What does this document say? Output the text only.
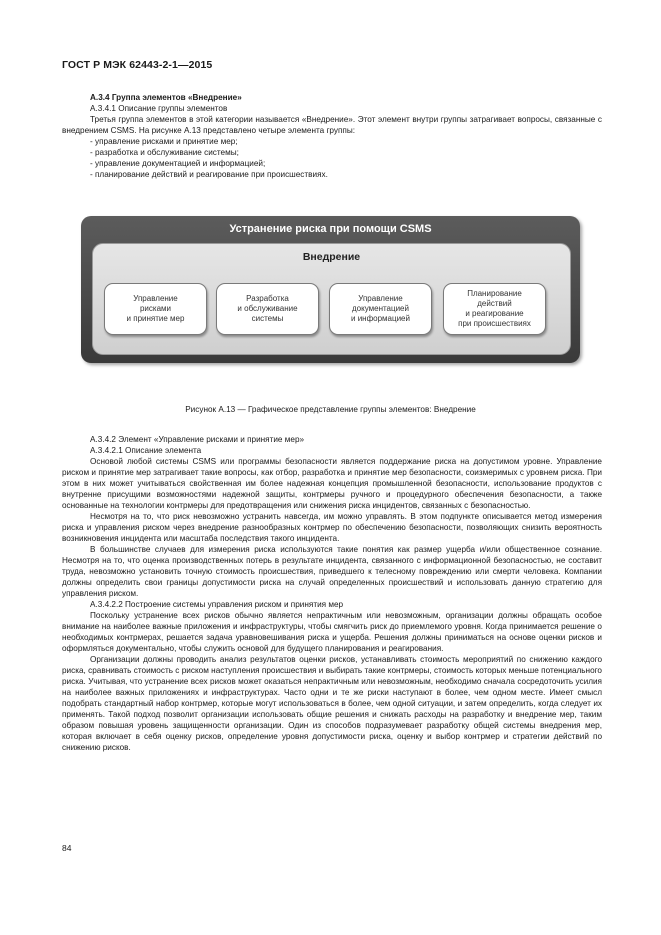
ГОСТ Р МЭК 62443-2-1—2015

А.3.4 Группа элементов «Внедрение»

А.3.4.1 Описание группы элементов

Третья группа элементов в этой категории называется «Внедрение». Этот элемент внутри группы затрагивает вопросы, связанные с внедрением CSMS. На рисунке А.13 представлено четыре элемента группы:

- управление рисками и принятие мер;
- разработка и обслуживание системы;
- управление документацией и информацией;
- планирование действий и реагирование при происшествиях.
Устранение риска при помощи CSMS
Внедрение
Управление
рисками
и принятие мер
Разработка
и обслуживание
системы
Управление
документацией
и информацией
Планирование
действий
и реагирование
при происшествиях
Рисунок А.13 — Графическое представление группы элементов: Внедрение

А.3.4.2 Элемент «Управление рисками и принятие мер»

А.3.4.2.1 Описание элемента

Основой любой системы CSMS или программы безопасности является поддержание риска на допустимом уровне. Управление риском и принятие мер затрагивает такие вопросы, как отбор, разработка и принятие мер безопасности, соизмеримых с уровнем риска. При этом в них может учитываться свойственная им более надежная концепция промышленной безопасности, использование продуктов с внутренне присущими возможностями надежной защиты, контрмеры ручного и процедурного обеспечения безопасности, а также основанные на технологии контрмеры для предотвращения или снижения риска инцидентов, связанных с безопасностью.

Несмотря на то, что риск невозможно устранить навсегда, им можно управлять. В этом подпункте описывается метод измерения риска и управления риском через внедрение разнообразных контрмер по обеспечению безопасности, позволяющих снизить вероятность возникновения инцидента или масштаба последствия такого инцидента.

В большинстве случаев для измерения риска используются такие понятия как размер ущерба и/или общественное сознание. Несмотря на то, что оценка производственных потерь в результате инцидента, связанного с информационной безопасностью, не составит труда, невозможно установить точную стоимость происшествия, приведшего к телесному повреждению или смерти человека. Компании должны определить свои границы допустимости риска на случай определенных происшествий и использовать данную стратегию для управления риском.

А.3.4.2.2 Построение системы управления риском и принятия мер

Поскольку устранение всех рисков обычно является непрактичным или невозможным, организации должны обращать особое внимание на наиболее важные приложения и инфраструктуры, чтобы смягчить риск до приемлемого уровня. Когда принимается решение о необходимых контрмерах, решается задача уравновешивания риска и ущерба. Решения должны приниматься на основе оценки рисков и оформляться документально, чтобы служить основой для будущего планирования и реагирования.

Организации должны проводить анализ результатов оценки рисков, устанавливать стоимость мероприятий по снижению каждого риска, сравнивать стоимость с риском наступления происшествия и выбирать такие контрмеры, стоимость которых меньше потенциального риска. Учитывая, что устранение всех рисков может оказаться непрактичным или невозможным, необходимо сначала сосредоточить усилия на наиболее важных приложениях и инфраструктурах. Часто одни и те же риски наступают в более, чем одном месте. Имеет смысл подобрать стандартный набор контрмер, которые могут использоваться в более, чем одной ситуации, и затем определить, когда следует их применять. Такой подход позволит организации использовать общие решения и снижать расходы на разработку и внедрение мер, таким образом повышая уровень защищенности организации. Один из способов подразумевает разработку общей системы внедрения мер, которая включает в себя оценку рисков, определение уровня допустимости риска, оценку и выбор контрмер и стратегии действий по снижению рисков.

84
